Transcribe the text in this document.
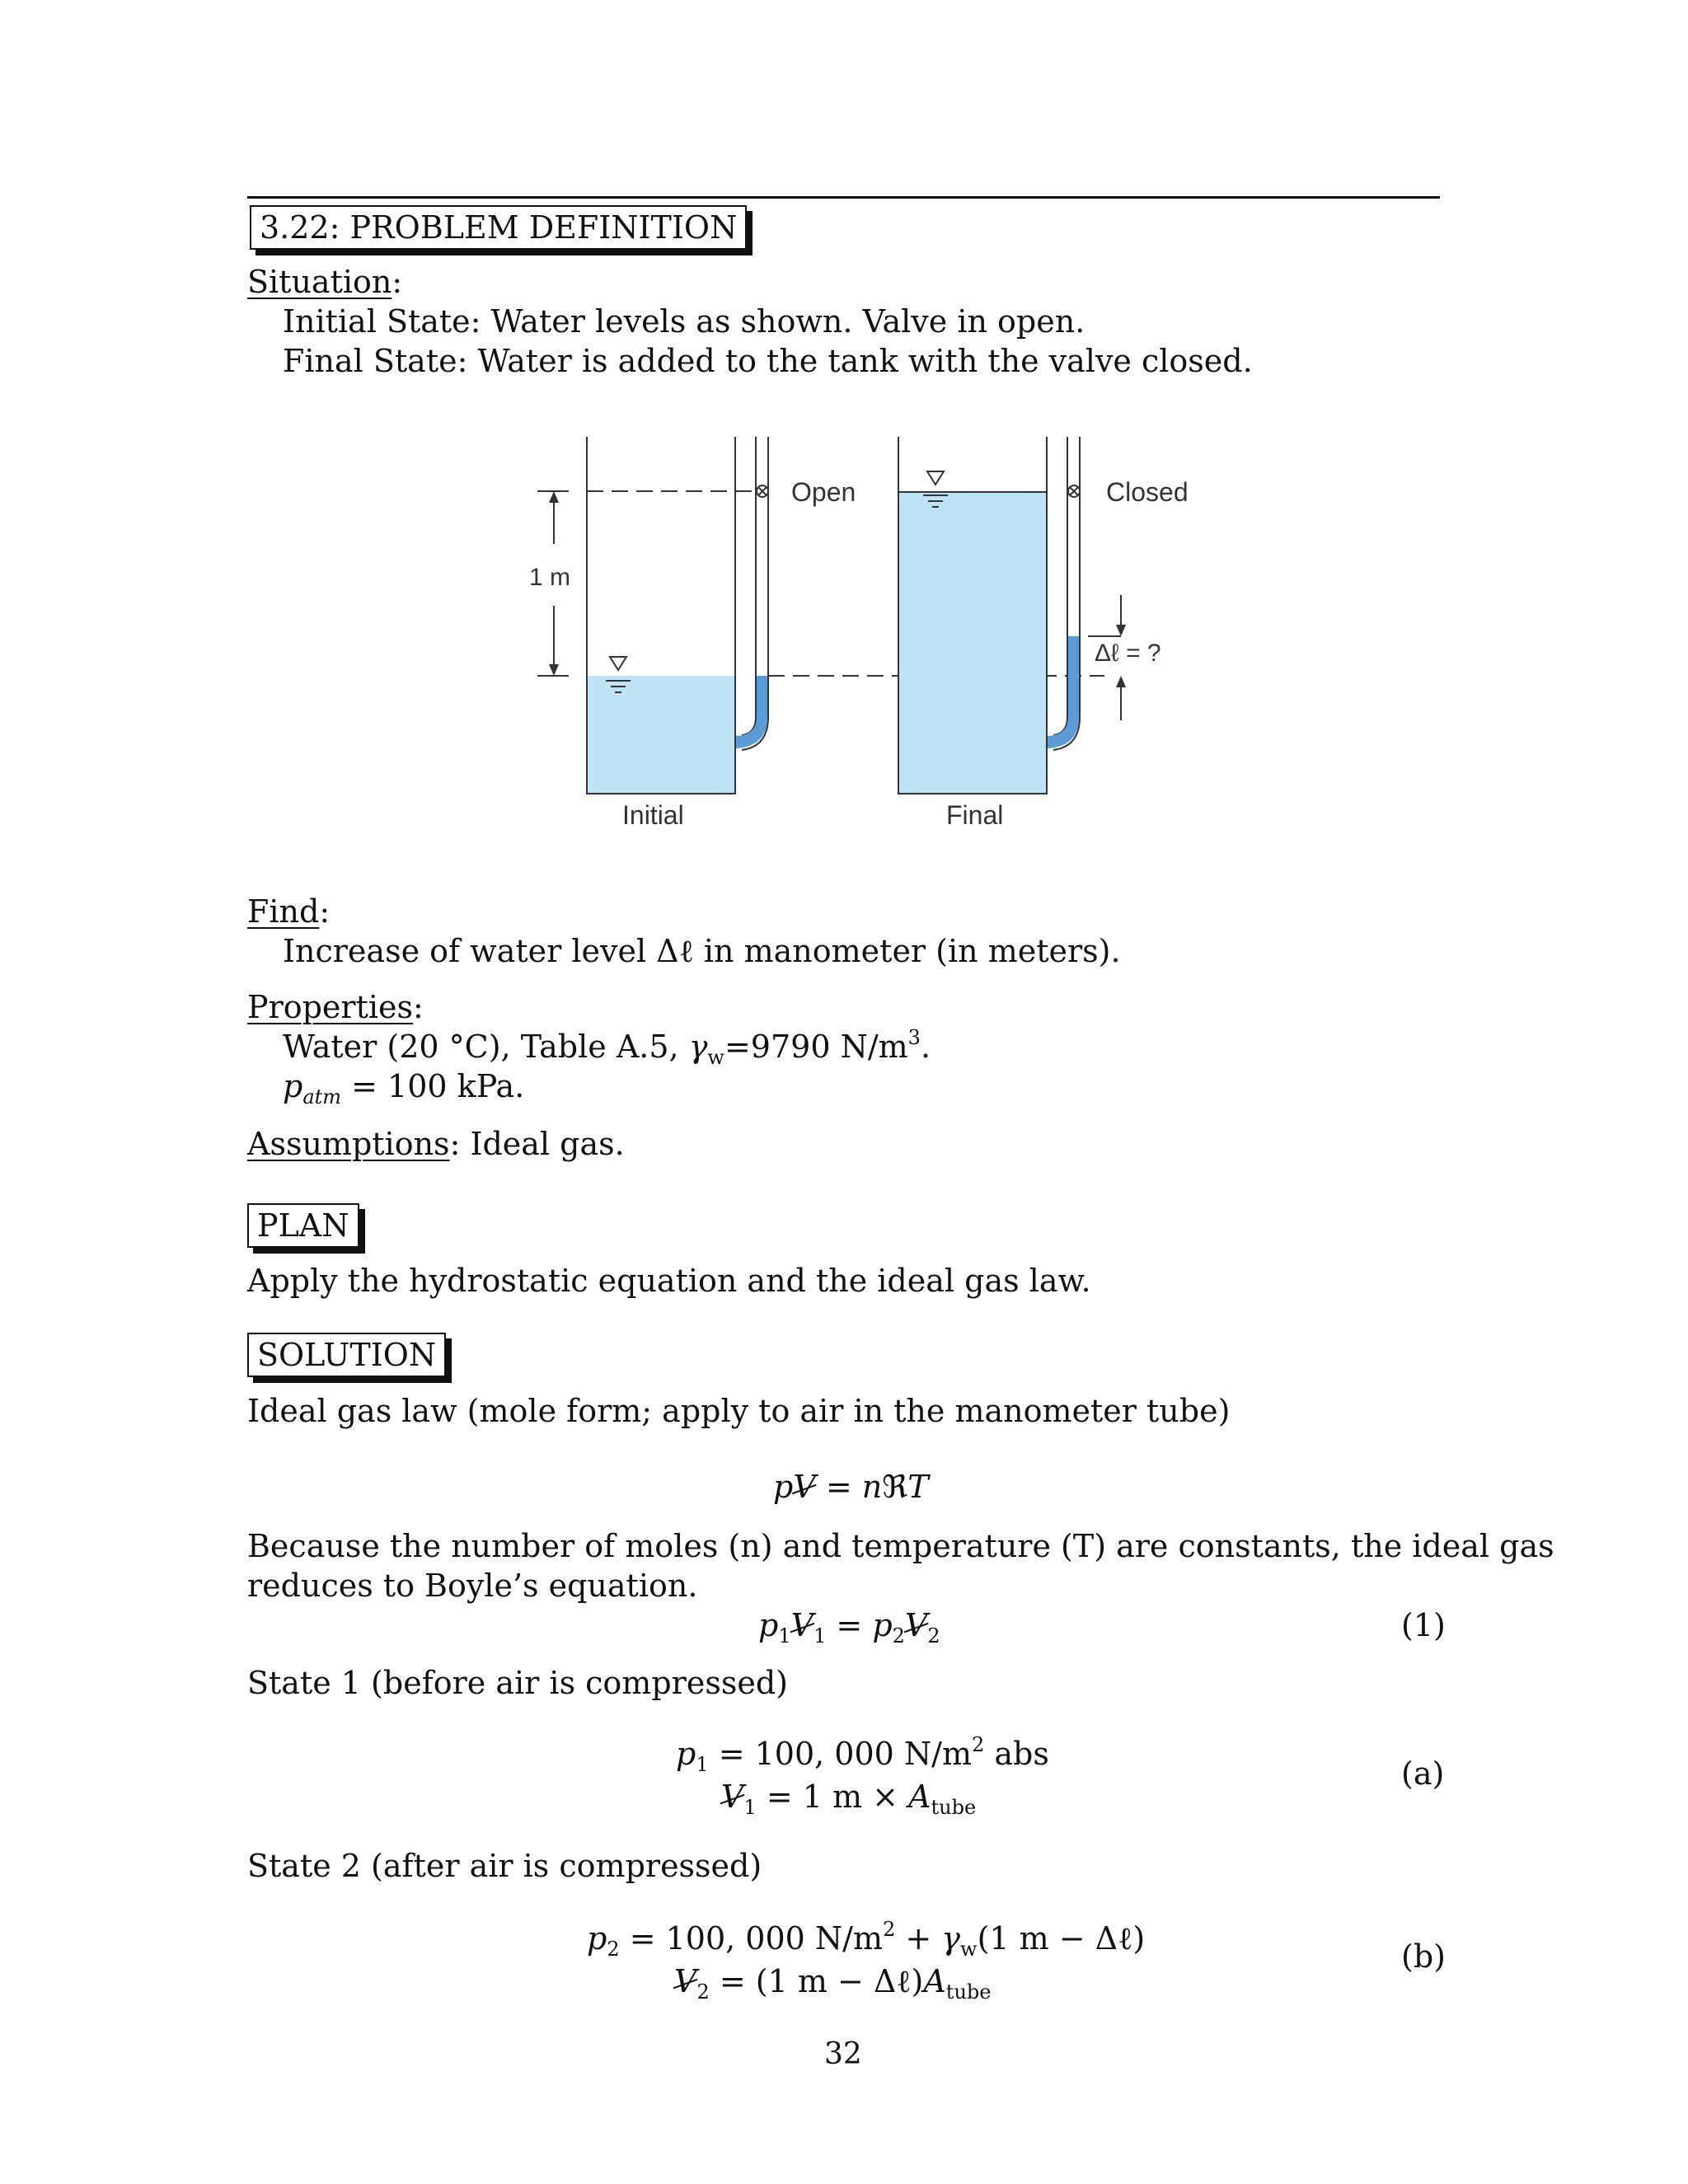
3.22: PROBLEM DEFINITION
Situation:
Initial State: Water levels as shown. Valve in open.
Final State: Water is added to the tank with the valve closed.
Open
1 m
Initial
Closed
Δℓ = ?
Final
Find:
Increase of water level Δℓ in manometer (in meters).
Properties:
Water (20 °C), Table A.5, $\gamma_w=9790$ $N/m^3$.
$p_{atm} = 100$ kPa.
Assumptions: Ideal gas.
PLAN
Apply the hydrostatic equation and the ideal gas law.
SOLUTION
Ideal gas law (mole form; apply to air in the manometer tube)
pV = nℜT
Because the number of moles (n) and temperature (T) are constants, the ideal gas
reduces to Boyle’s equation.
$p_1V_1 = p_2V_2$	(1)
State 1 (before air is compressed)
$p_1 = 100$, 000 $N/m^2$ abs
$V_1 = 1$ $m \times A_{tube}$
(a)
State 2 (after air is compressed)
$p_2 = 100$, 000 $N/m^2 + \gamma_w(1$ m − Δℓ)
$V_2 = (1$ $m - \Delta\ell)A_{tube}$
(b)
32
